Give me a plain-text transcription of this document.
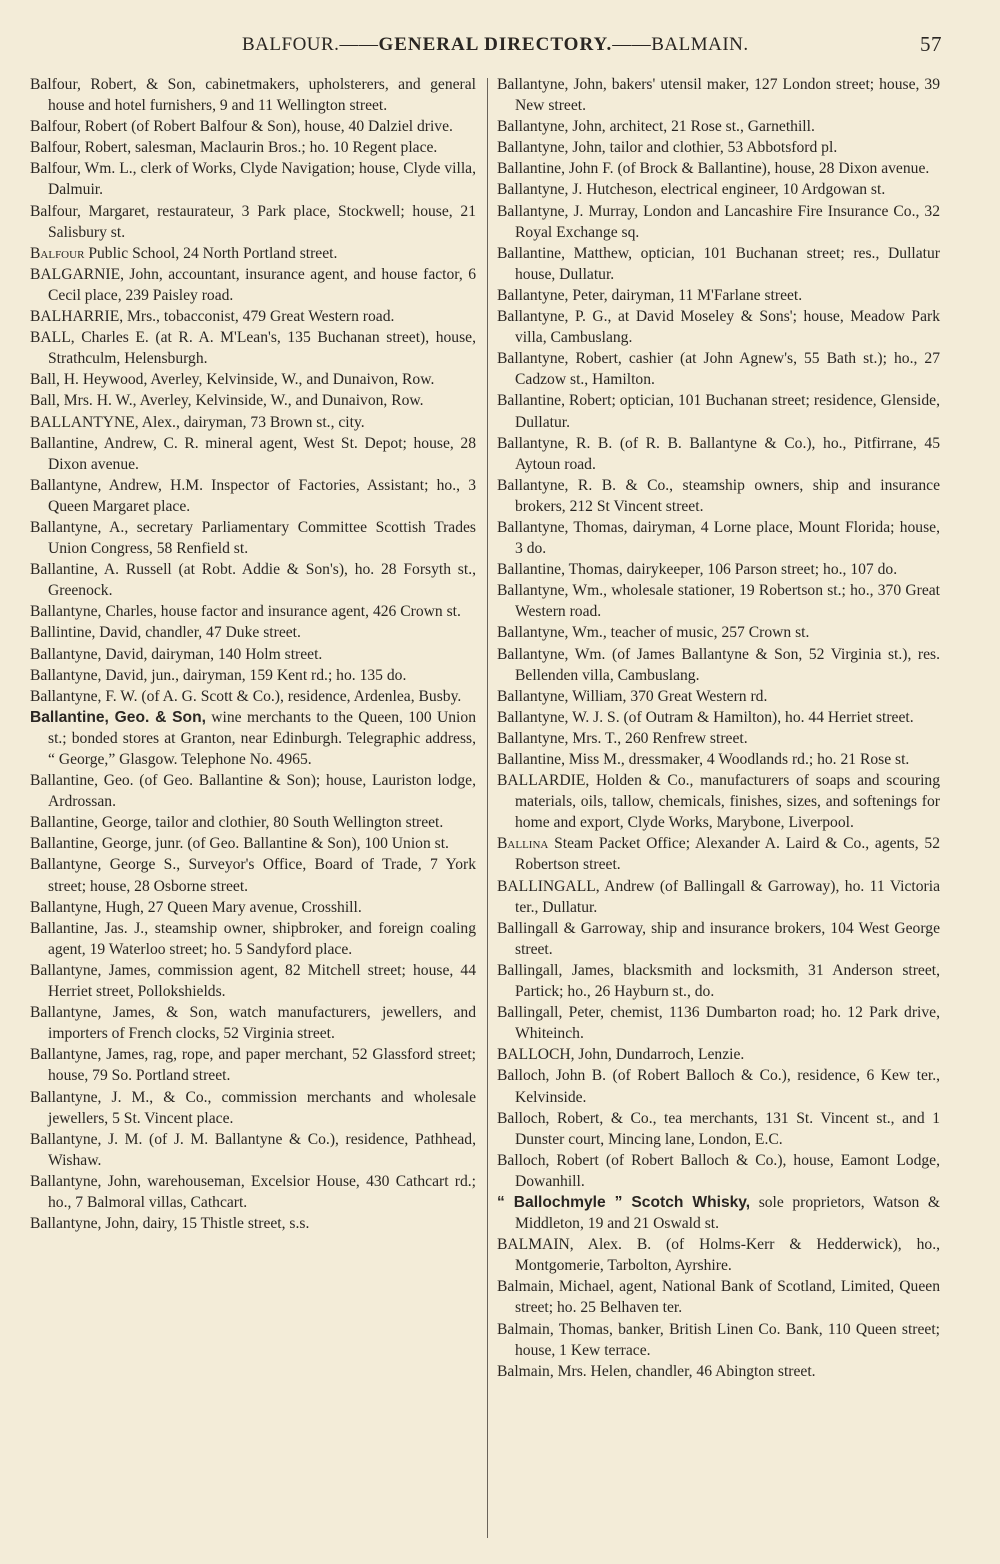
BALFOUR.——GENERAL DIRECTORY.——BALMAIN.	57

Balfour, Robert, & Son, cabinetmakers, upholsterers, and general house and hotel furnishers, 9 and 11 Wellington street.

Balfour, Robert (of Robert Balfour & Son), house, 40 Dalziel drive.

Balfour, Robert, salesman, Maclaurin Bros.; ho. 10 Regent place.

Balfour, Wm. L., clerk of Works, Clyde Navigation; house, Clyde villa, Dalmuir.

Balfour, Margaret, restaurateur, 3 Park place, Stockwell; house, 21 Salisbury st.

Balfour Public School, 24 North Portland street.

BALGARNIE, John, accountant, insurance agent, and house factor, 6 Cecil place, 239 Paisley road.

BALHARRIE, Mrs., tobacconist, 479 Great Western road.

BALL, Charles E. (at R. A. M'Lean's, 135 Buchanan street), house, Strathculm, Helensburgh.

Ball, H. Heywood, Averley, Kelvinside, W., and Dunaivon, Row.

Ball, Mrs. H. W., Averley, Kelvinside, W., and Dunaivon, Row.

BALLANTYNE, Alex., dairyman, 73 Brown st., city.

Ballantine, Andrew, C. R. mineral agent, West St. Depot; house, 28 Dixon avenue.

Ballantyne, Andrew, H.M. Inspector of Factories, Assistant; ho., 3 Queen Margaret place.

Ballantyne, A., secretary Parliamentary Committee Scottish Trades Union Congress, 58 Renfield st.

Ballantine, A. Russell (at Robt. Addie & Son's), ho. 28 Forsyth st., Greenock.

Ballantyne, Charles, house factor and insurance agent, 426 Crown st.

Ballintine, David, chandler, 47 Duke street.

Ballantyne, David, dairyman, 140 Holm street.

Ballantyne, David, jun., dairyman, 159 Kent rd.; ho. 135 do.

Ballantyne, F. W. (of A. G. Scott & Co.), residence, Ardenlea, Busby.

Ballantine, Geo. & Son, wine merchants to the Queen, 100 Union st.; bonded stores at Granton, near Edinburgh. Telegraphic address, “ George,” Glasgow. Telephone No. 4965.

Ballantine, Geo. (of Geo. Ballantine & Son); house, Lauriston lodge, Ardrossan.

Ballantine, George, tailor and clothier, 80 South Wellington street.

Ballantine, George, junr. (of Geo. Ballantine & Son), 100 Union st.

Ballantyne, George S., Surveyor's Office, Board of Trade, 7 York street; house, 28 Osborne street.

Ballantyne, Hugh, 27 Queen Mary avenue, Crosshill.

Ballantine, Jas. J., steamship owner, shipbroker, and foreign coaling agent, 19 Waterloo street; ho. 5 Sandyford place.

Ballantyne, James, commission agent, 82 Mitchell street; house, 44 Herriet street, Pollokshields.

Ballantyne, James, & Son, watch manufacturers, jewellers, and importers of French clocks, 52 Virginia street.

Ballantyne, James, rag, rope, and paper merchant, 52 Glassford street; house, 79 So. Portland street.

Ballantyne, J. M., & Co., commission merchants and wholesale jewellers, 5 St. Vincent place.

Ballantyne, J. M. (of J. M. Ballantyne & Co.), residence, Pathhead, Wishaw.

Ballantyne, John, warehouseman, Excelsior House, 430 Cathcart rd.; ho., 7 Balmoral villas, Cathcart.

Ballantyne, John, dairy, 15 Thistle street, s.s.

Ballantyne, John, bakers' utensil maker, 127 London street; house, 39 New street.

Ballantyne, John, architect, 21 Rose st., Garnethill.

Ballantyne, John, tailor and clothier, 53 Abbotsford pl.

Ballantine, John F. (of Brock & Ballantine), house, 28 Dixon avenue.

Ballantyne, J. Hutcheson, electrical engineer, 10 Ardgowan st.

Ballantyne, J. Murray, London and Lancashire Fire Insurance Co., 32 Royal Exchange sq.

Ballantine, Matthew, optician, 101 Buchanan street; res., Dullatur house, Dullatur.

Ballantyne, Peter, dairyman, 11 M'Farlane street.

Ballantyne, P. G., at David Moseley & Sons'; house, Meadow Park villa, Cambuslang.

Ballantyne, Robert, cashier (at John Agnew's, 55 Bath st.); ho., 27 Cadzow st., Hamilton.

Ballantine, Robert; optician, 101 Buchanan street; residence, Glenside, Dullatur.

Ballantyne, R. B. (of R. B. Ballantyne & Co.), ho., Pitfirrane, 45 Aytoun road.

Ballantyne, R. B. & Co., steamship owners, ship and insurance brokers, 212 St Vincent street.

Ballantyne, Thomas, dairyman, 4 Lorne place, Mount Florida; house, 3 do.

Ballantine, Thomas, dairykeeper, 106 Parson street; ho., 107 do.

Ballantyne, Wm., wholesale stationer, 19 Robertson st.; ho., 370 Great Western road.

Ballantyne, Wm., teacher of music, 257 Crown st.

Ballantyne, Wm. (of James Ballantyne & Son, 52 Virginia st.), res. Bellenden villa, Cambuslang.

Ballantyne, William, 370 Great Western rd.

Ballantyne, W. J. S. (of Outram & Hamilton), ho. 44 Herriet street.

Ballantyne, Mrs. T., 260 Renfrew street.

Ballantine, Miss M., dressmaker, 4 Woodlands rd.; ho. 21 Rose st.

BALLARDIE, Holden & Co., manufacturers of soaps and scouring materials, oils, tallow, chemicals, finishes, sizes, and softenings for home and export, Clyde Works, Marybone, Liverpool.

Ballina Steam Packet Office; Alexander A. Laird & Co., agents, 52 Robertson street.

BALLINGALL, Andrew (of Ballingall & Garroway), ho. 11 Victoria ter., Dullatur.

Ballingall & Garroway, ship and insurance brokers, 104 West George street.

Ballingall, James, blacksmith and locksmith, 31 Anderson street, Partick; ho., 26 Hayburn st., do.

Ballingall, Peter, chemist, 1136 Dumbarton road; ho. 12 Park drive, Whiteinch.

BALLOCH, John, Dundarroch, Lenzie.

Balloch, John B. (of Robert Balloch & Co.), residence, 6 Kew ter., Kelvinside.

Balloch, Robert, & Co., tea merchants, 131 St. Vincent st., and 1 Dunster court, Mincing lane, London, E.C.

Balloch, Robert (of Robert Balloch & Co.), house, Eamont Lodge, Dowanhill.

“ Ballochmyle ” Scotch Whisky, sole proprietors, Watson & Middleton, 19 and 21 Oswald st.

BALMAIN, Alex. B. (of Holms-Kerr & Hedderwick), ho., Montgomerie, Tarbolton, Ayrshire.

Balmain, Michael, agent, National Bank of Scotland, Limited, Queen street; ho. 25 Belhaven ter.

Balmain, Thomas, banker, British Linen Co. Bank, 110 Queen street; house, 1 Kew terrace.

Balmain, Mrs. Helen, chandler, 46 Abington street.
